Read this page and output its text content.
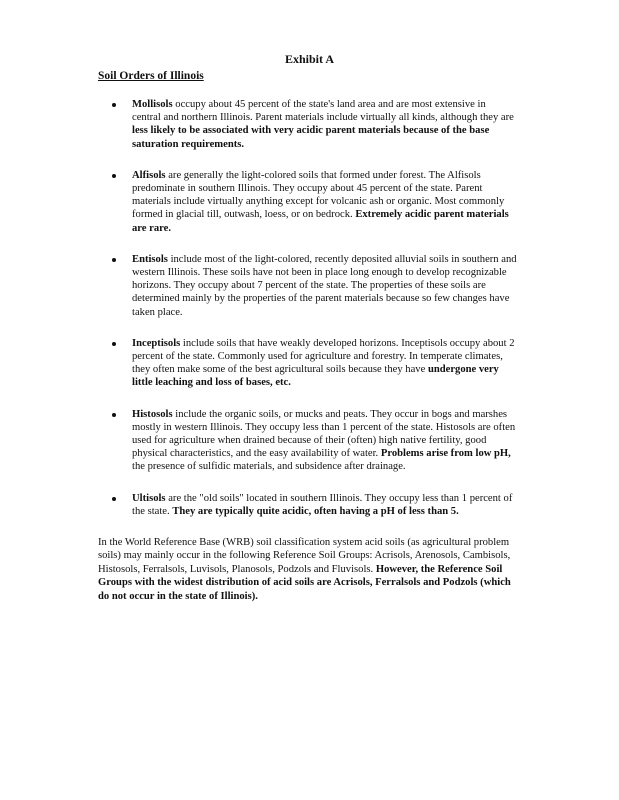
Exhibit A
Soil Orders of Illinois
Mollisols occupy about 45 percent of the state's land area and are most extensive in central and northern Illinois. Parent materials include virtually all kinds, although they are less likely to be associated with very acidic parent materials because of the base saturation requirements.
Alfisols are generally the light-colored soils that formed under forest. The Alfisols predominate in southern Illinois. They occupy about 45 percent of the state. Parent materials include virtually anything except for volcanic ash or organic. Most commonly formed in glacial till, outwash, loess, or on bedrock. Extremely acidic parent materials are rare.
Entisols include most of the light-colored, recently deposited alluvial soils in southern and western Illinois. These soils have not been in place long enough to develop recognizable horizons. They occupy about 7 percent of the state. The properties of these soils are determined mainly by the properties of the parent materials because so few changes have taken place.
Inceptisols include soils that have weakly developed horizons. Inceptisols occupy about 2 percent of the state. Commonly used for agriculture and forestry. In temperate climates, they often make some of the best agricultural soils because they have undergone very little leaching and loss of bases, etc.
Histosols include the organic soils, or mucks and peats. They occur in bogs and marshes mostly in western Illinois. They occupy less than 1 percent of the state. Histosols are often used for agriculture when drained because of their (often) high native fertility, good physical characteristics, and the easy availability of water. Problems arise from low pH, the presence of sulfidic materials, and subsidence after drainage.
Ultisols are the "old soils" located in southern Illinois. They occupy less than 1 percent of the state. They are typically quite acidic, often having a pH of less than 5.
In the World Reference Base (WRB) soil classification system acid soils (as agricultural problem soils) may mainly occur in the following Reference Soil Groups: Acrisols, Arenosols, Cambisols, Histosols, Ferralsols, Luvisols, Planosols, Podzols and Fluvisols. However, the Reference Soil Groups with the widest distribution of acid soils are Acrisols, Ferralsols and Podzols (which do not occur in the state of Illinois).
